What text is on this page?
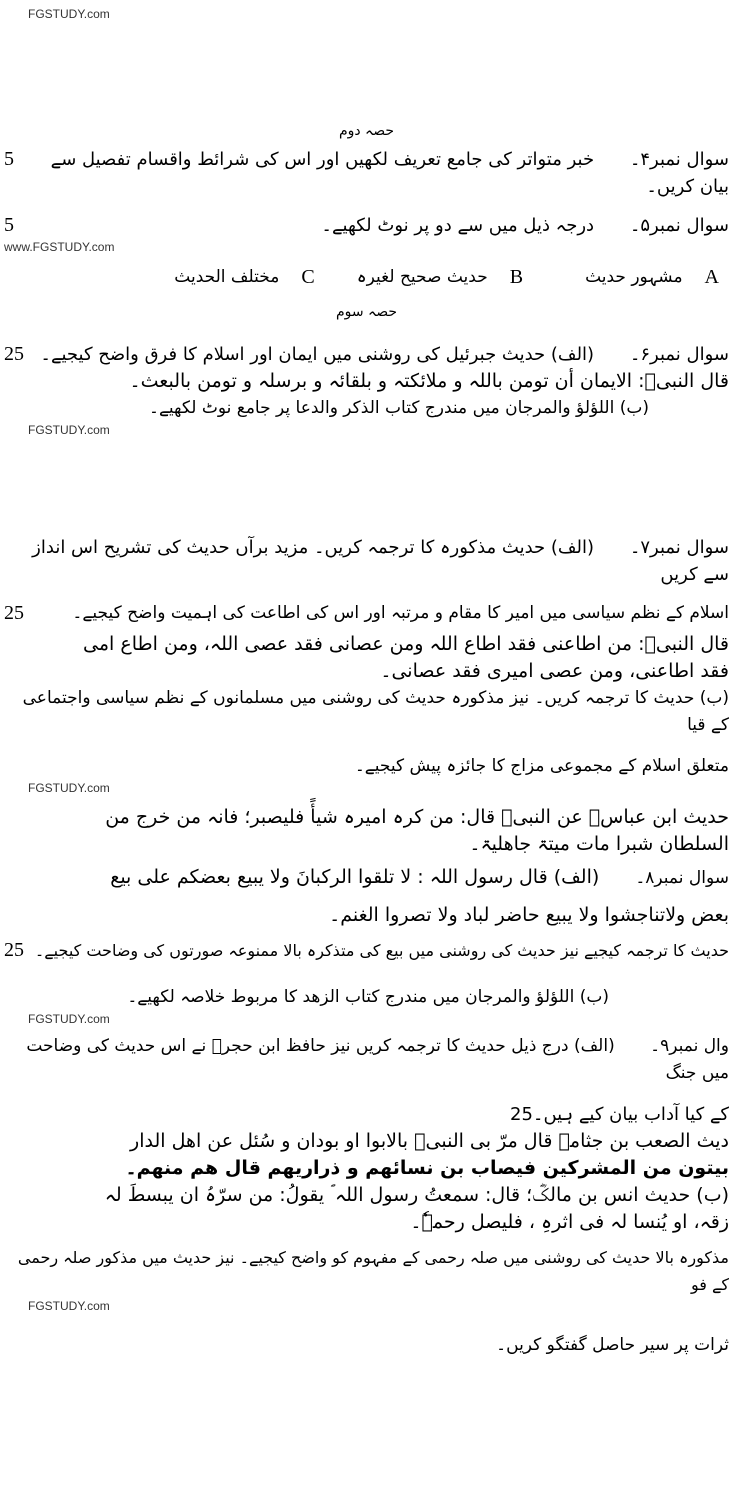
FGSTUDY.com
حصہ دوم
5	سوال نمبر۴۔ خبر متواتر کی جامع تعریف لکھیں اور اس کی شرائط واقسام تفصیل سے بیان کریں۔
5	سوال نمبر۵۔ درجہ ذیل میں سے دو پر نوٹ لکھیے۔
www.FGSTUDY.com
A
مشہور حدیث
B
حدیث صحیح لغیرہ
C
مختلف الحدیث
حصہ سوم
25	سوال نمبر۶۔ (الف) حدیث جبرئیل کی روشنی میں ایمان اور اسلام کا فرق واضح کیجیے۔
قال النبیؐ: الایمان أن تومن باللہ و ملائکتہ و بلقائہ و برسلہ و تومن بالبعث۔
(ب) اللؤلؤ والمرجان میں مندرج کتاب الذکر والدعا پر جامع نوٹ لکھیے۔
FGSTUDY.com
سوال نمبر۷۔ (الف) حدیث مذکورہ کا ترجمہ کریں۔ مزید برآں حدیث کی تشریح اس انداز سے کریں
25	اسلام کے نظم سیاسی میں امیر کا مقام و مرتبہ اور اس کی اطاعت کی اہمیت واضح کیجیے۔
قال النبیؐ: من اطاعنی فقد اطاع اللہ ومن عصانی فقد عصی اللہ، ومن اطاع امی
فقد اطاعنی، ومن عصی امیری فقد عصانی۔
(ب) حدیث کا ترجمہ کریں۔ نیز مذکورہ حدیث کی روشنی میں مسلمانوں کے نظم سیاسی واجتماعی کے قیا
متعلق اسلام کے مجموعی مزاج کا جائزہ پیش کیجیے۔
FGSTUDY.com
حدیث ابن عباسؓ عن النبیؐ قال: من کرہ امیرہ شیأً فلیصبر؛ فانہ من خرج من
السلطان شبرا مات میتۃ جاھلیۃ۔
سوال نمبر۸۔ (الف) قال رسول اللہ : لا تلقوا الرکبانَ ولا یبیع بعضکم علی بیع
بعض ولاتناجشوا ولا یبیع حاضر لباد ولا تصروا الغنم۔
25 حدیث کا ترجمہ کیجیے نیز حدیث کی روشنی میں بیع کی متذکرہ بالا ممنوعہ صورتوں کی وضاحت کیجیے۔
(ب) اللؤلؤ والمرجان میں مندرج کتاب الزھد کا مربوط خلاصہ لکھیے۔
FGSTUDY.com
وال نمبر۹۔ (الف) درج ذیل حدیث کا ترجمہ کریں نیز حافظ ابن حجرؒ نے اس حدیث کی وضاحت میں جنگ
کے کیا آداب بیان کیے ہیں۔25
دیث الصعب بن جثامۃ قال مرّ بی النبیؐ بالابوا او بودان و سُئل عن اھل الدار
بیتون من المشرکین فیصاب بن نسائھم و ذراریھم قال ھم منھم۔
(ب) حدیث انس بن مالکؓ؛ قال: سمعتُ رسول اللہ ؐ یقولُ: من سرّہُ ان یبسطَ لہ
زقہ، او یُنسا لہ فی اثرہِ ، فلیصل رحمہٗ۔
مذکورہ بالا حدیث کی روشنی میں صلہ رحمی کے مفہوم کو واضح کیجیے۔ نیز حدیث میں مذکور صلہ رحمی کے فو
FGSTUDY.com
ثرات پر سیر حاصل گفتگو کریں۔
